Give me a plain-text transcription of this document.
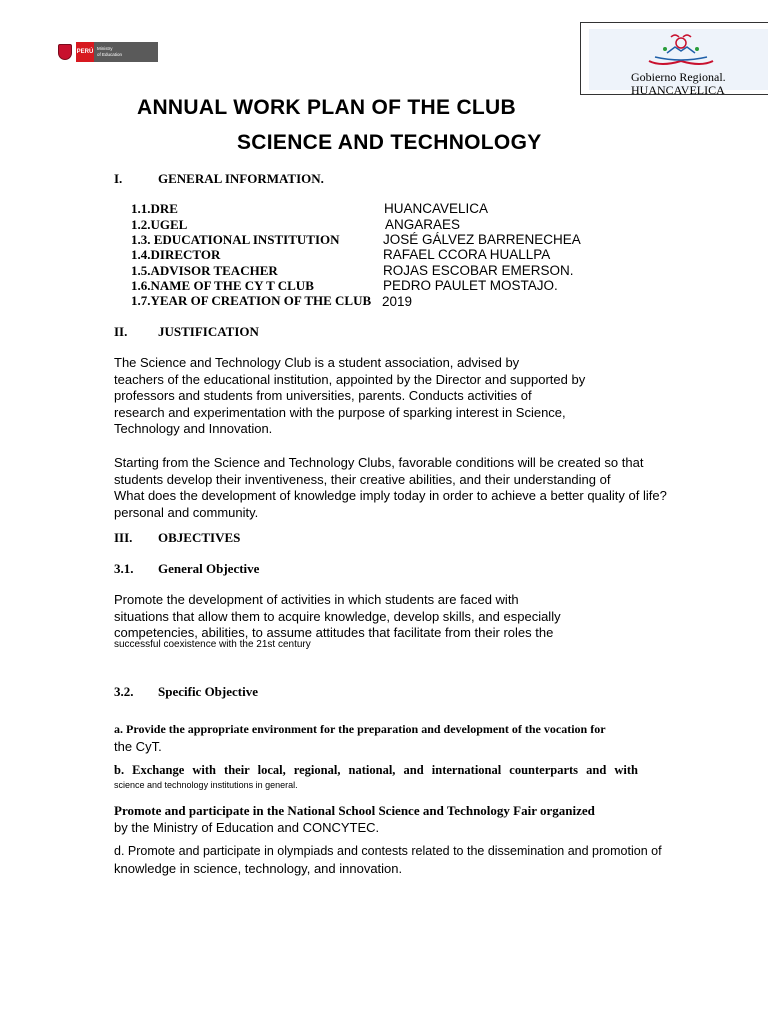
PERÚ
Ministry
of Education
Gobierno Regional.
HUANCAVELICA
ANNUAL WORK PLAN OF THE CLUB
SCIENCE AND TECHNOLOGY
I.	GENERAL INFORMATION.
1.1.DRE	HUANCAVELICA
1.2.UGEL	ANGARAES
1.3. EDUCATIONAL INSTITUTION	JOSÉ GÁLVEZ BARRENECHEA
1.4.DIRECTOR	RAFAEL CCORA HUALLPA
1.5.ADVISOR TEACHER	ROJAS ESCOBAR EMERSON.
1.6.NAME OF THE CY T CLUB	PEDRO PAULET MOSTAJO.
1.7.YEAR OF CREATION OF THE CLUB 2019
II. JUSTIFICATION
The Science and Technology Club is a student association, advised by
teachers of the educational institution, appointed by the Director and supported by
professors and students from universities, parents. Conducts activities of
research and experimentation with the purpose of sparking interest in Science,
Technology and Innovation.
Starting from the Science and Technology Clubs, favorable conditions will be created so that
students develop their inventiveness, their creative abilities, and their understanding of
What does the development of knowledge imply today in order to achieve a better quality of life?
personal and community.
III. OBJECTIVES
3.1. General Objective
Promote the development of activities in which students are faced with
situations that allow them to acquire knowledge, develop skills, and especially
competencies, abilities, to assume attitudes that facilitate from their roles the
successful coexistence with the 21st century
3.2. Specific Objective
a. Provide the appropriate environment for the preparation and development of the vocation for
the CyT.
b. Exchange with their local, regional, national, and international counterparts and with
science and technology institutions in general.
Promote and participate in the National School Science and Technology Fair organized
by the Ministry of Education and CONCYTEC.
d. Promote and participate in olympiads and contests related to the dissemination and promotion of
knowledge in science, technology, and innovation.
